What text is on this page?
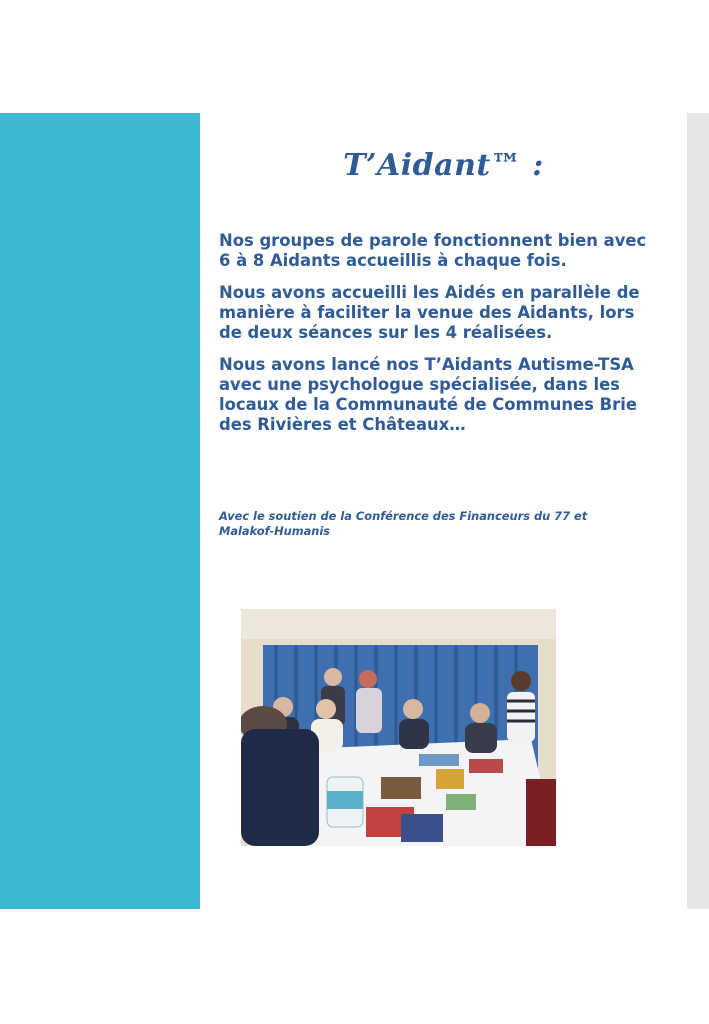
T’Aidant™ :

Nos groupes de parole fonctionnent bien avec 6 à 8 Aidants accueillis à chaque fois.

Nous avons accueilli les Aidés en parallèle de manière à faciliter la venue des Aidants, lors de deux séances sur les 4 réalisées.

Nous avons lancé nos T’Aidants Autisme-TSA avec une psychologue spécialisée, dans les locaux de la Communauté de Communes Brie des Rivières et Châteaux…

Avec le soutien de la Conférence des Financeurs du 77 et Malakof-Humanis
